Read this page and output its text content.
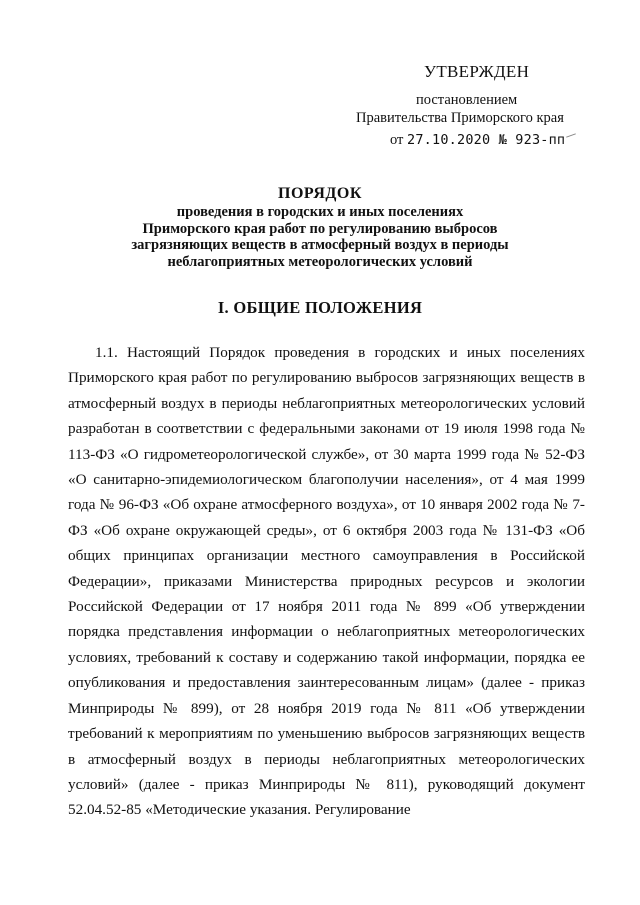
УТВЕРЖДЕН
постановлением
Правительства Приморского края
от 27.10.2020 № 923-пп
ПОРЯДОК
проведения в городских и иных поселениях
Приморского края работ по регулированию выбросов
загрязняющих веществ в атмосферный воздух в периоды
неблагоприятных метеорологических условий
I. ОБЩИЕ ПОЛОЖЕНИЯ

1.1. Настоящий Порядок проведения в городских и иных поселениях Приморского края работ по регулированию выбросов загрязняющих веществ в атмосферный воздух в периоды неблагоприятных метеорологических условий разработан в соответствии с федеральными законами от 19 июля 1998 года № 113-ФЗ «О гидрометеорологической службе», от 30 марта 1999 года № 52-ФЗ «О санитарно-эпидемиологическом благополучии населения», от 4 мая 1999 года № 96-ФЗ «Об охране атмосферного воздуха», от 10 января 2002 года № 7-ФЗ «Об охране окружающей среды», от 6 октября 2003 года № 131-ФЗ «Об общих принципах организации местного самоуправления в Российской Федерации», приказами Министерства природных ресурсов и экологии Российской Федерации от 17 ноября 2011 года № 899 «Об утверждении порядка представления информации о неблагоприятных метеорологических условиях, требований к составу и содержанию такой информации, порядка ее опубликования и предоставления заинтересованным лицам» (далее - приказ Минприроды № 899), от 28 ноября 2019 года № 811 «Об утверждении требований к мероприятиям по уменьшению выбросов загрязняющих веществ в атмосферный воздух в периоды неблагоприятных метеорологических условий» (далее - приказ Минприроды № 811), руководящий документ 52.04.52-85 «Методические указания. Регулирование
